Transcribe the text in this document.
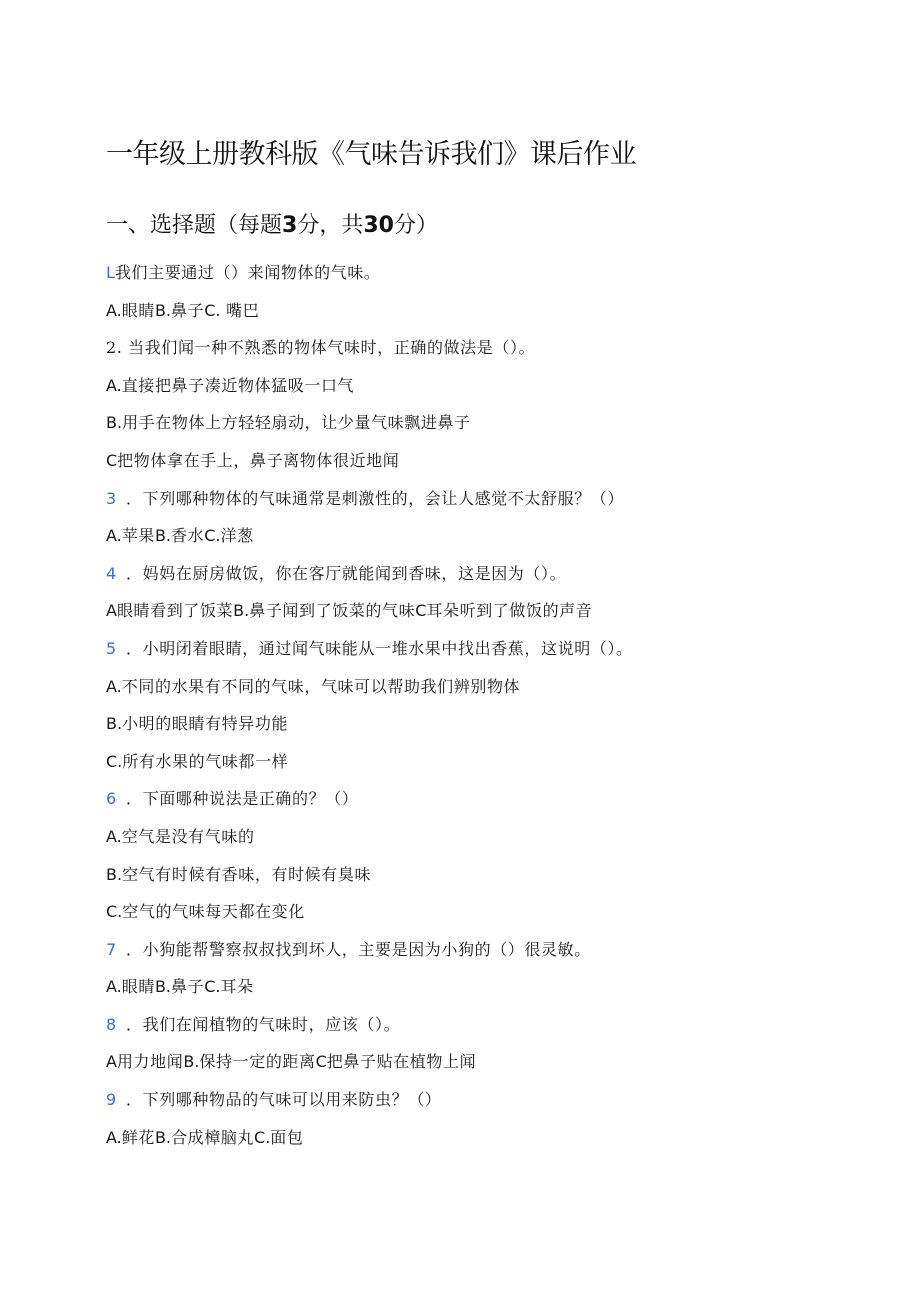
一年级上册教科版《气味告诉我们》课后作业
一、选择题（每题3分，共30分）
L我们主要通过（）来闻物体的气味。
A.眼睛B.鼻子C. 嘴巴
2. 当我们闻一种不熟悉的物体气味时，正确的做法是（）。
A.直接把鼻子凑近物体猛吸一口气
B.用手在物体上方轻轻扇动，让少量气味飘进鼻子
C把物体拿在手上，鼻子离物体很近地闻
3 ．下列哪种物体的气味通常是刺激性的，会让人感觉不太舒服？（）
A.苹果B.香水C.洋葱
4 ．妈妈在厨房做饭，你在客厅就能闻到香味，这是因为（）。
A眼睛看到了饭菜B.鼻子闻到了饭菜的气味C耳朵听到了做饭的声音
5 ．小明闭着眼睛，通过闻气味能从一堆水果中找出香蕉，这说明（）。
A.不同的水果有不同的气味，气味可以帮助我们辨别物体
B.小明的眼睛有特异功能
C.所有水果的气味都一样
6 ．下面哪种说法是正确的？（）
A.空气是没有气味的
B.空气有时候有香味，有时候有臭味
C.空气的气味每天都在变化
7 ．小狗能帮警察叔叔找到坏人，主要是因为小狗的（）很灵敏。
A.眼睛B.鼻子C.耳朵
8 ．我们在闻植物的气味时，应该（）。
A用力地闻B.保持一定的距离C把鼻子贴在植物上闻
9 ．下列哪种物品的气味可以用来防虫？（）
A.鲜花B.合成樟脑丸C.面包
